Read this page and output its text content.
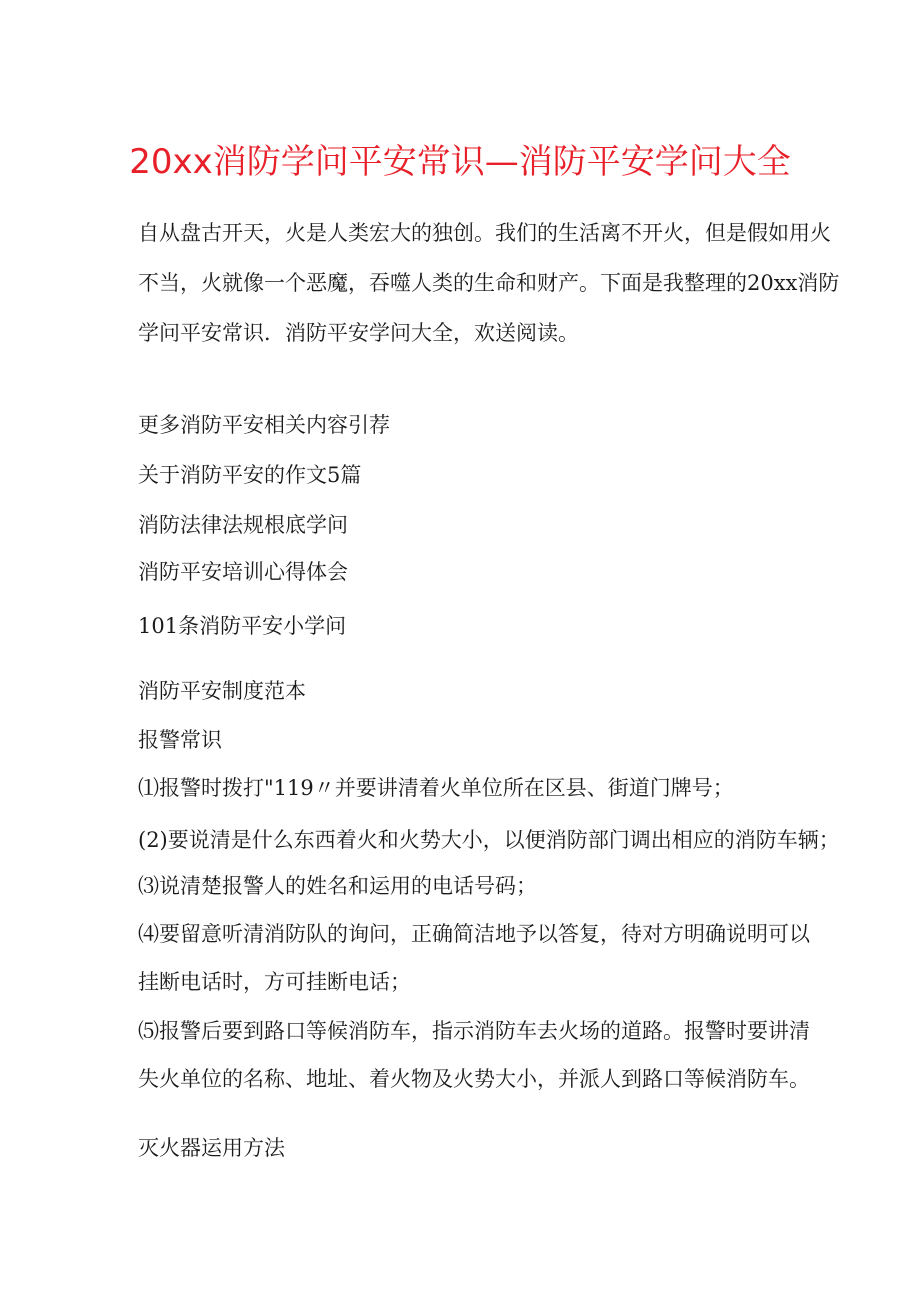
20xx消防学问平安常识—消防平安学问大全

自从盘古开天，火是人类宏大的独创。我们的生活离不开火，但是假如用火

不当，火就像一个恶魔，吞噬人类的生命和财产。下面是我整理的20xx消防

学问平安常识．消防平安学问大全，欢送阅读。

更多消防平安相关内容引荐

关于消防平安的作文5篇

消防法律法规根底学问

消防平安培训心得体会

101条消防平安小学问

消防平安制度范本

报警常识

⑴报警时拨打"119〃并要讲清着火单位所在区县、街道门牌号；

(2)要说清是什么东西着火和火势大小，以便消防部门调出相应的消防车辆；

⑶说清楚报警人的姓名和运用的电话号码；

⑷要留意听清消防队的询问，正确简洁地予以答复，待对方明确说明可以

挂断电话时，方可挂断电话；

⑸报警后要到路口等候消防车，指示消防车去火场的道路。报警时要讲清

失火单位的名称、地址、着火物及火势大小，并派人到路口等候消防车。

灭火器运用方法
